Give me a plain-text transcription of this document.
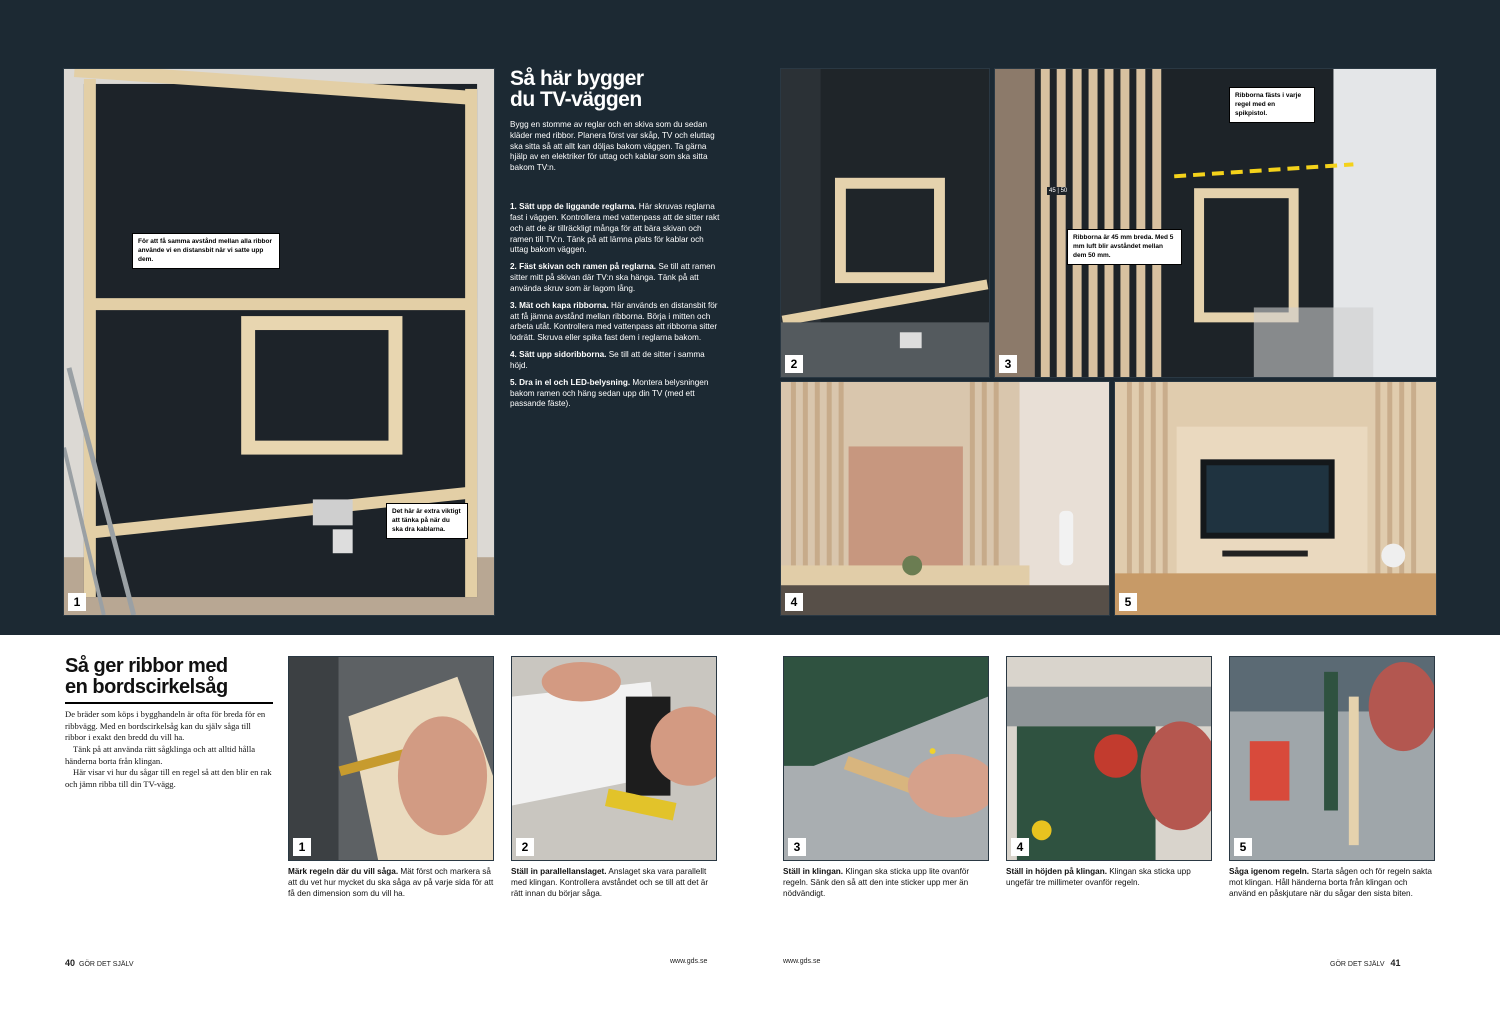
1
För att få samma avstånd mellan alla ribbor använde vi en distansbit när vi satte upp dem.
Det här är extra viktigt att tänka på när du ska dra kablarna.
Så här bygger
du TV-väggen

Bygg en stomme av reglar och en skiva som du sedan kläder med ribbor. Planera först var skåp, TV och eluttag ska sitta så att allt kan döljas bakom väggen. Ta gärna hjälp av en elektriker för uttag och kablar som ska sitta bakom TV:n.

1. Sätt upp de liggande reglarna. Här skruvas reglarna fast i väggen. Kontrollera med vattenpass att de sitter rakt och att de är tillräckligt många för att bära skivan och ramen till TV:n. Tänk på att lämna plats för kablar och uttag bakom väggen.

2. Fäst skivan och ramen på reglarna. Se till att ramen sitter mitt på skivan där TV:n ska hänga. Tänk på att använda skruv som är lagom lång.

3. Mät och kapa ribborna. Här används en distansbit för att få jämna avstånd mellan ribborna. Börja i mitten och arbeta utåt. Kontrollera med vattenpass att ribborna sitter lodrätt. Skruva eller spika fast dem i reglarna bakom.

4. Sätt upp sidoribborna. Se till att de sitter i samma höjd.

5. Dra in el och LED-belysning. Montera belysningen bakom ramen och häng sedan upp din TV (med ett passande fäste).

2	3
Ribborna fästs i varje regel med en spikpistol.
Ribborna är 45 mm breda. Med 5 mm luft blir avståndet mellan dem 50 mm.
45 | 50
4	5
Så ger ribbor med
en bordscirkelsåg

De bräder som köps i bygghandeln är ofta för breda för en ribbvägg. Med en bordscirkelsåg kan du själv såga till ribbor i exakt den bredd du vill ha.

Tänk på att använda rätt sågklinga och att alltid hålla händerna borta från klingan.

Här visar vi hur du sågar till en regel så att den blir en rak och jämn ribba till din TV-vägg.

1	2	3	4	5
Märk regeln där du vill såga. Mät först och markera så att du vet hur mycket du ska såga av på varje sida för att få den dimension som du vill ha.
Ställ in parallellanslaget. Anslaget ska vara parallellt med klingan. Kontrollera avståndet och se till att det är rätt innan du börjar såga.
Ställ in klingan. Klingan ska sticka upp lite ovanför regeln. Sänk den så att den inte sticker upp mer än nödvändigt.
Ställ in höjden på klingan. Klingan ska sticka upp ungefär tre millimeter ovanför regeln.
Såga igenom regeln. Starta sågen och för regeln sakta mot klingan. Håll händerna borta från klingan och använd en påskjutare när du sågar den sista biten.
40 GÖR DET SJÄLV	www.gds.se	www.gds.se	GÖR DET SJÄLV 41
